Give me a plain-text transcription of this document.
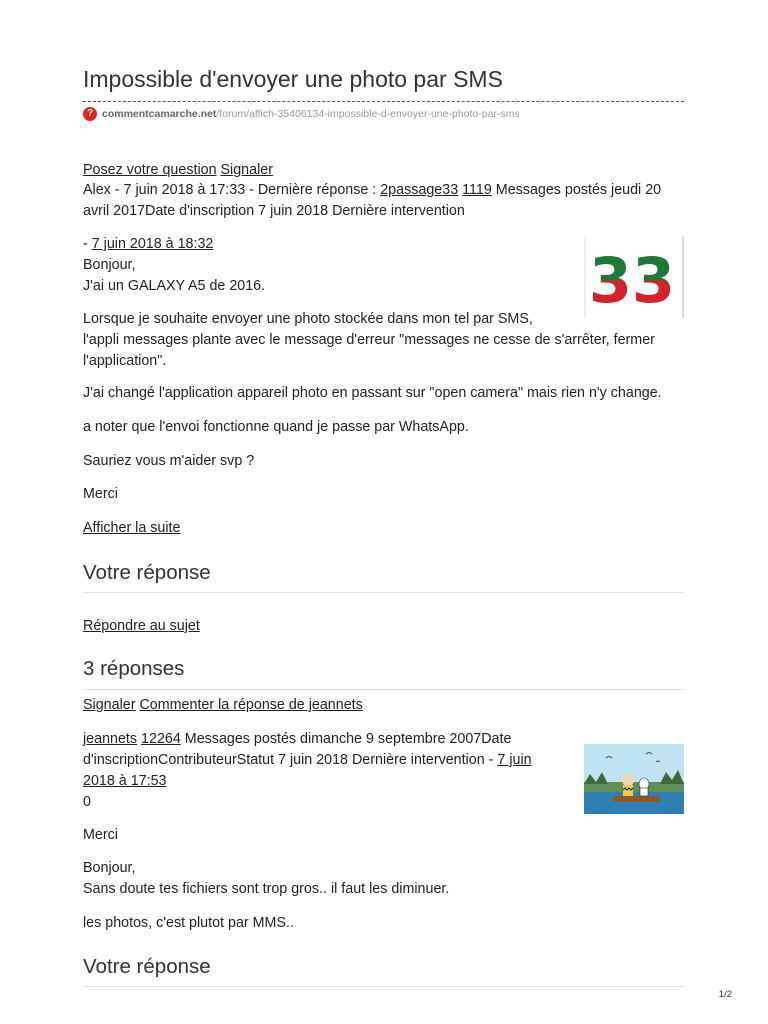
Impossible d'envoyer une photo par SMS
? commentcamarche.net /forum/affich-35406134-impossible-d-envoyer-une-photo-par-sms

Posez votre question Signaler

Alex - 7 juin 2018 à 17:33 - Dernière réponse : 2passage33 1119 Messages postés jeudi 20
avril 2017Date d'inscription 7 juin 2018 Dernière intervention

- 7 juin 2018 à 18:32
Bonjour,
J'ai un GALAXY A5 de 2016.

Lorsque je souhaite envoyer une photo stockée dans mon tel par SMS,
l'appli messages plante avec le message d'erreur "messages ne cesse de s'arrêter, fermer
l'application".

J'ai changé l'application appareil photo en passant sur "open camera" mais rien n'y change.

a noter que l'envoi fonctionne quand je passe par WhatsApp.

Sauriez vous m'aider svp ?

Merci

Afficher la suite

33
Votre réponse

Répondre au sujet

3 réponses

Signaler Commenter la réponse de jeannets

jeannets 12264 Messages postés dimanche 9 septembre 2007Date
d'inscriptionContributeurStatut 7 juin 2018 Dernière intervention - 7 juin
2018 à 17:53
0

Merci

Bonjour,
Sans doute tes fichiers sont trop gros.. il faut les diminuer.

les photos, c'est plutot par MMS..

Votre réponse
1/2
